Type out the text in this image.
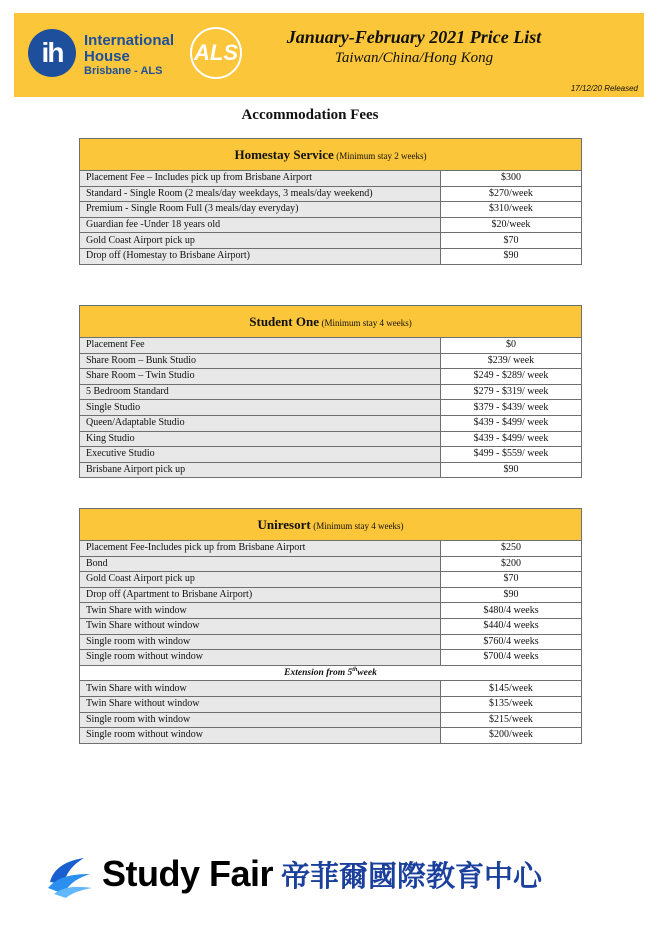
ih	International
House
Brisbane - ALS
ALS
January-February 2021 Price List
Taiwan/China/Hong Kong
17/12/20 Released
Accommodation Fees
Homestay Service (Minimum stay 2 weeks)	
Placement Fee – Includes pick up from Brisbane Airport	$300
Standard - Single Room (2 meals/day weekdays, 3 meals/day weekend)	$270/week
Premium - Single Room Full (3 meals/day everyday)	$310/week
Guardian fee -Under 18 years old	$20/week
Gold Coast Airport pick up	$70
Drop off (Homestay to Brisbane Airport)	$90
Student One (Minimum stay 4 weeks)	
Placement Fee	$0
Share Room – Bunk Studio	$239/ week
Share Room – Twin Studio	$249 - $289/ week
5 Bedroom Standard	$279 - $319/ week
Single Studio	$379 - $439/ week
Queen/Adaptable Studio	$439 - $499/ week
King Studio	$439 - $499/ week
Executive Studio	$499 - $559/ week
Brisbane Airport pick up	$90
Uniresort (Minimum stay 4 weeks)	
Placement Fee-Includes pick up from Brisbane Airport	$250
Bond	$200
Gold Coast Airport pick up	$70
Drop off (Apartment to Brisbane Airport)	$90
Twin Share with window	$480/4 weeks
Twin Share without window	$440/4 weeks
Single room with window	$760/4 weeks
Single room without window	$700/4 weeks
Extension from 5thweek	
Twin Share with window	$145/week
Twin Share without window	$135/week
Single room with window	$215/week
Single room without window	$200/week
Study Fair 帝菲爾國際教育中心
